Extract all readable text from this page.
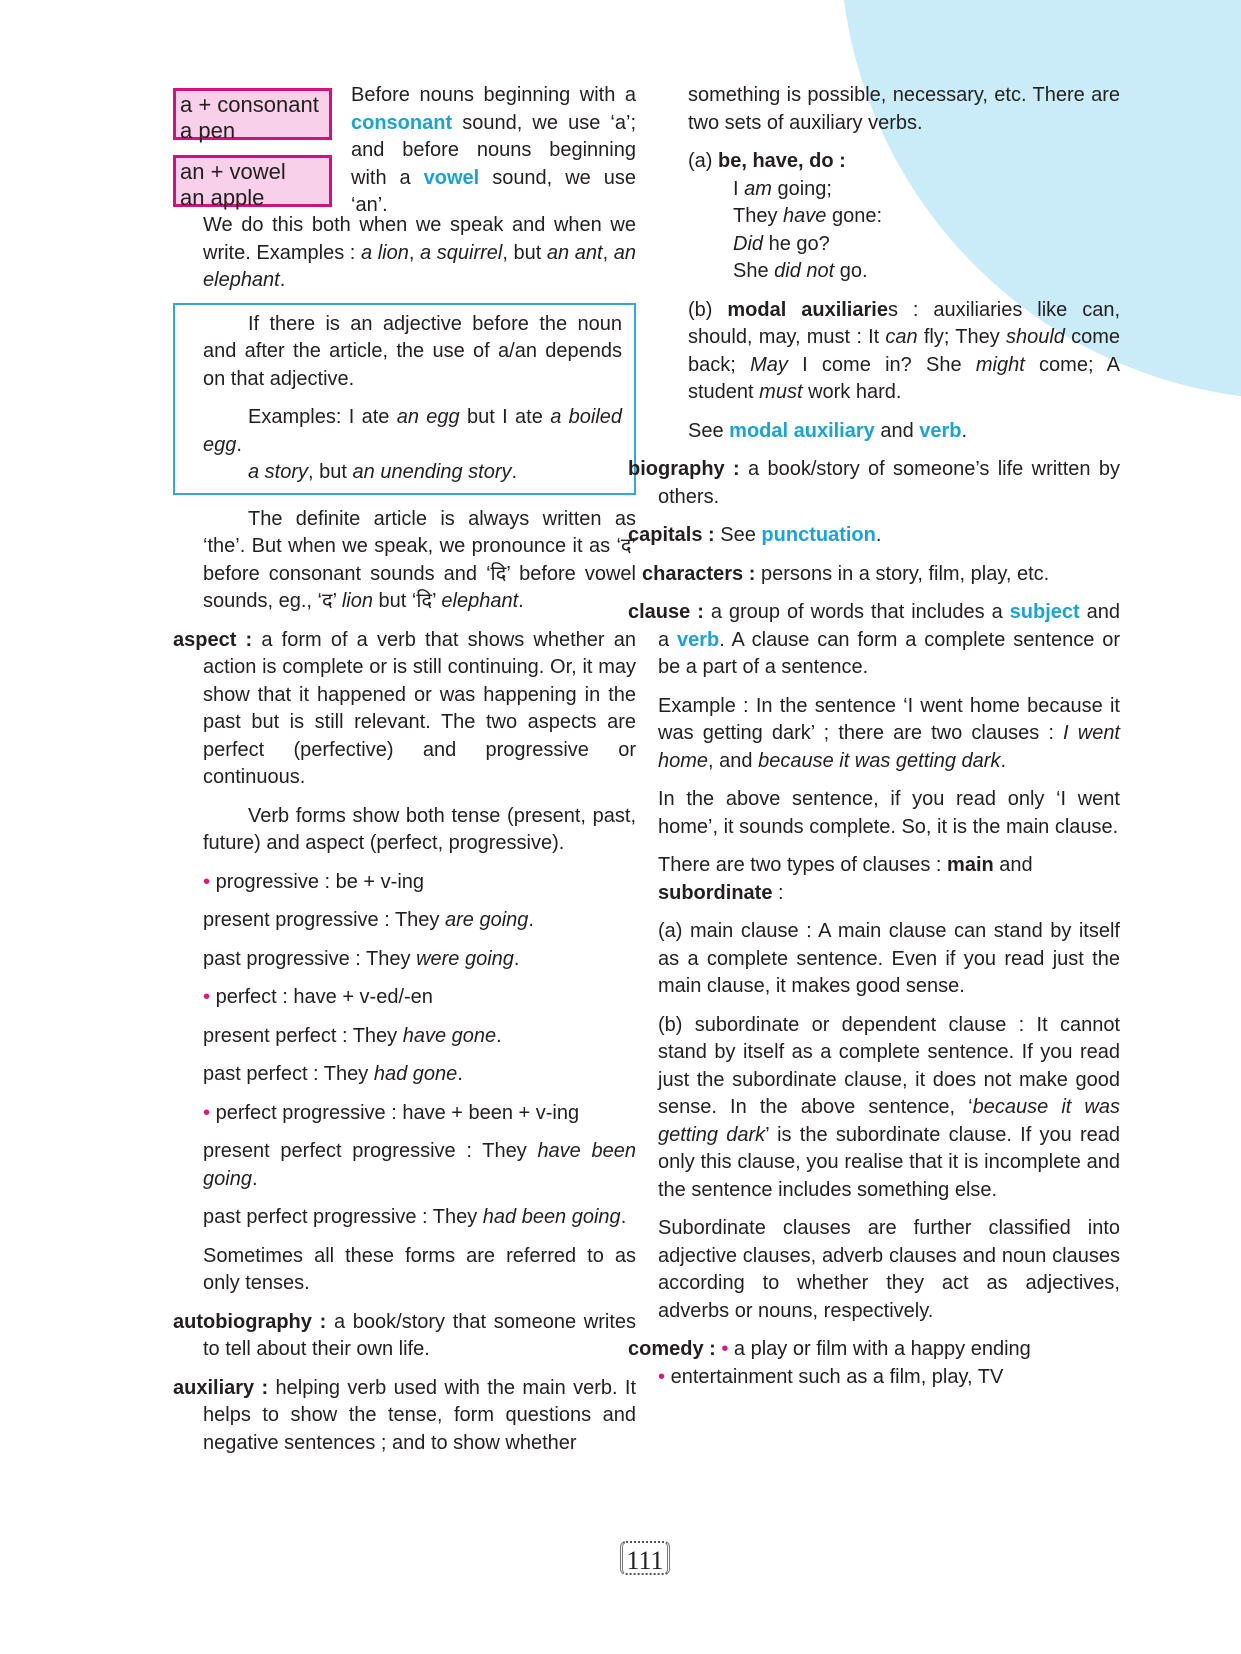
a + consonant
a pen
an + vowel
an apple

Before nouns beginning with a consonant sound, we use ‘a’; and before nouns beginning with a vowel sound, we use ‘an’.

We do this both when we speak and when we write. Examples : a lion, a squirrel, but an ant, an elephant.

If there is an adjective before the noun and after the article, the use of a/an depends on that adjective.

Examples: I ate an egg but I ate a boiled egg.

a story, but an unending story.

The definite article is always written as ‘the’. But when we speak, we pronounce it as ‘द’ before consonant sounds and ‘दि’ before vowel sounds, eg., ‘द’ lion but ‘दि’ elephant.

aspect : a form of a verb that shows whether an action is complete or is still continuing. Or, it may show that it happened or was happening in the past but is still relevant. The two aspects are perfect (perfective) and progressive or continuous.

Verb forms show both tense (present, past, future) and aspect (perfect, progressive).

• progressive : be + v-ing

present progressive : They are going.

past progressive : They were going.

• perfect : have + v-ed/-en

present perfect : They have gone.

past perfect : They had gone.

• perfect progressive : have + been + v-ing

present perfect progressive : They have been going.

past perfect progressive : They had been going.

Sometimes all these forms are referred to as only tenses.

autobiography : a book/story that someone writes to tell about their own life.

auxiliary : helping verb used with the main verb. It helps to show the tense, form questions and negative sentences ; and to show whether

something is possible, necessary, etc. There are two sets of auxiliary verbs.

(a) be, have, do :

I am going;

They have gone:

Did he go?

She did not go.

(b) modal auxiliaries : auxiliaries like can, should, may, must : It can fly; They should come back; May I come in? She might come; A student must work hard.

See modal auxiliary and verb.

biography : a book/story of someone’s life written by others.

capitals : See punctuation.

characters : persons in a story, film, play, etc.

clause : a group of words that includes a subject and a verb. A clause can form a complete sentence or be a part of a sentence.

Example : In the sentence ‘I went home because it was getting dark’ ; there are two clauses : I went home, and because it was getting dark.

In the above sentence, if you read only ‘I went home’, it sounds complete. So, it is the main clause.

There are two types of clauses : main and subordinate :

(a) main clause : A main clause can stand by itself as a complete sentence. Even if you read just the main clause, it makes good sense.

(b) subordinate or dependent clause : It cannot stand by itself as a complete sentence. If you read just the subordinate clause, it does not make good sense. In the above sentence, ‘because it was getting dark’ is the subordinate clause. If you read only this clause, you realise that it is incomplete and the sentence includes something else.

Subordinate clauses are further classified into adjective clauses, adverb clauses and noun clauses according to whether they act as adjectives, adverbs or nouns, respectively.

comedy : • a play or film with a happy ending

• entertainment such as a film, play, TV

111
